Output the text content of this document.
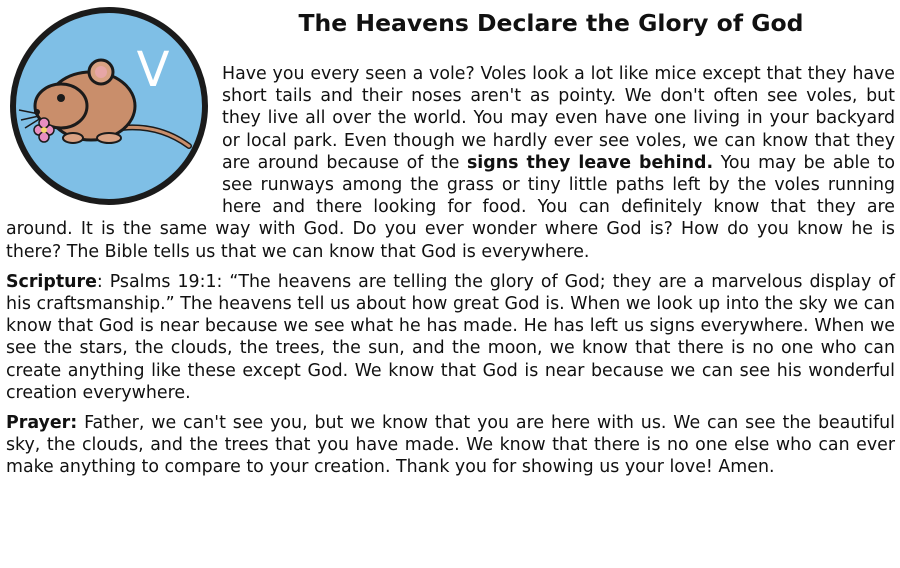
V
The Heavens Declare the Glory of God

Have you every seen a vole? Voles look a lot like mice except that they have short tails and their noses aren't as pointy. We don't often see voles, but they live all over the world. You may even have one living in your backyard or local park. Even though we hardly ever see voles, we can know that they are around because of the signs they leave behind. You may be able to see runways among the grass or tiny little paths left by the voles running here and there looking for food. You can definitely know that they are around. It is the same way with God. Do you ever wonder where God is? How do you know he is there? The Bible tells us that we can know that God is everywhere.

Scripture: Psalms 19:1: “The heavens are telling the glory of God; they are a marvelous display of his craftsmanship.” The heavens tell us about how great God is. When we look up into the sky we can know that God is near because we see what he has made. He has left us signs everywhere. When we see the stars, the clouds, the trees, the sun, and the moon, we know that there is no one who can create anything like these except God. We know that God is near because we can see his wonderful creation everywhere.

Prayer: Father, we can't see you, but we know that you are here with us. We can see the beautiful sky, the clouds, and the trees that you have made. We know that there is no one else who can ever make anything to compare to your creation. Thank you for showing us your love! Amen.
